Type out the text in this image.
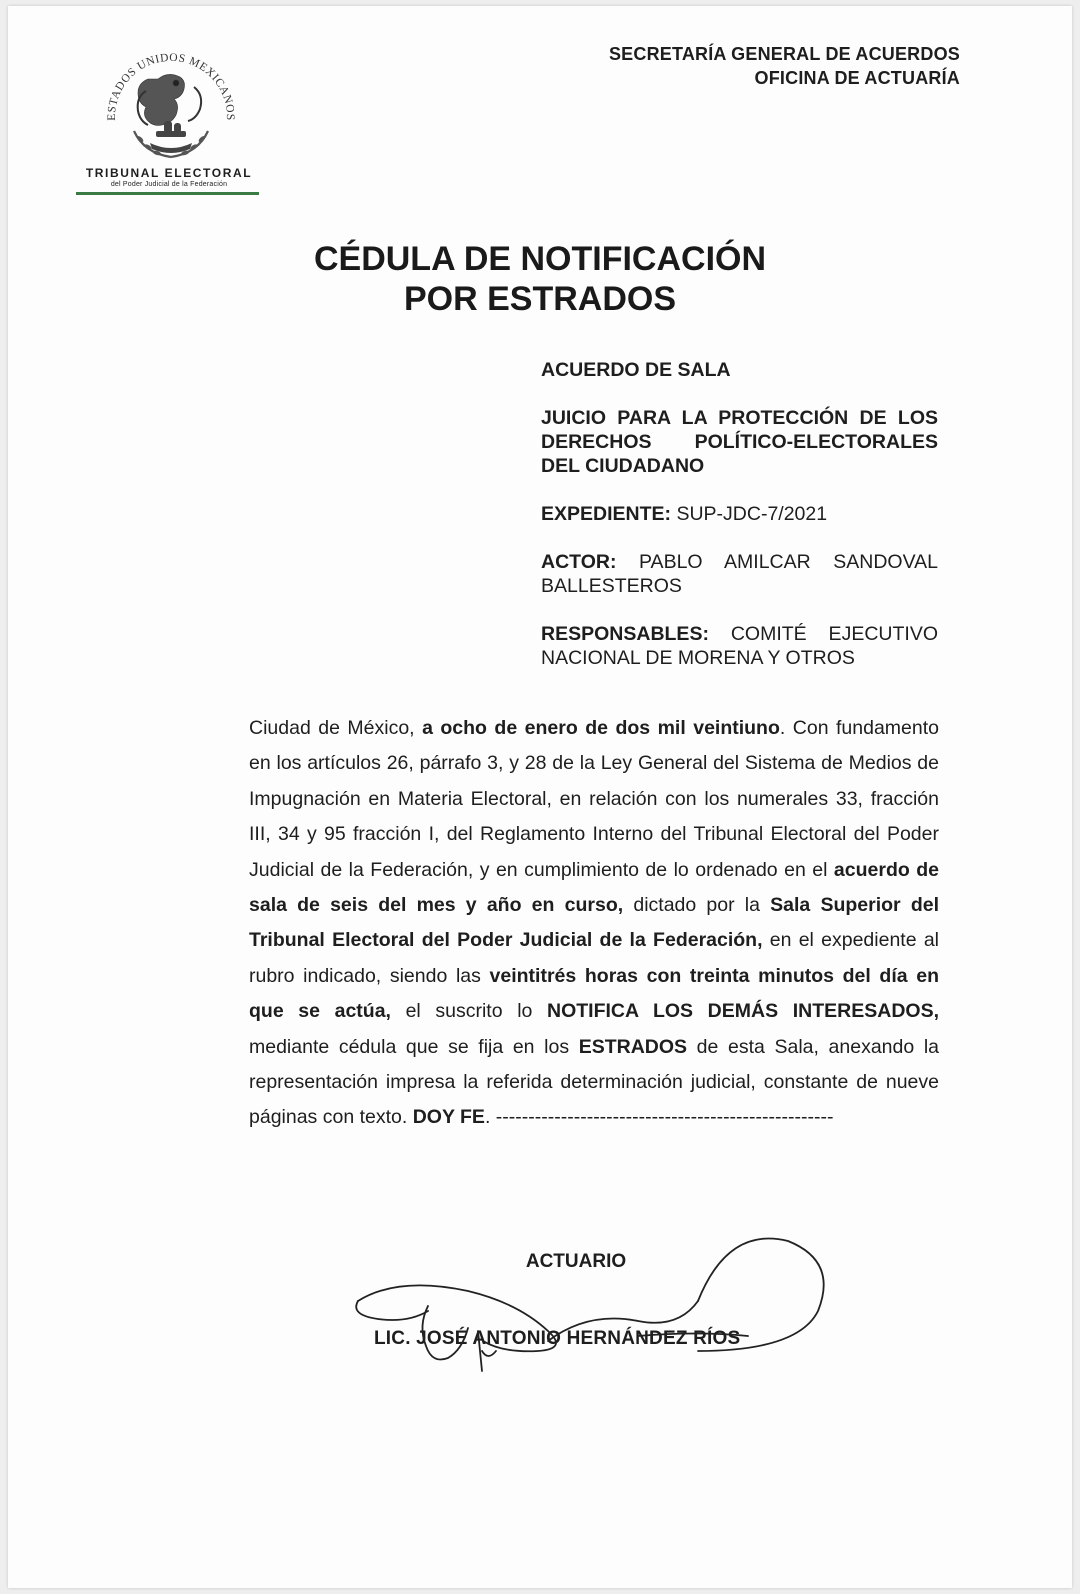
ESTADOS UNIDOS MEXICANOS
TRIBUNAL ELECTORAL
del Poder Judicial de la Federación
SECRETARÍA GENERAL DE ACUERDOS
OFICINA DE ACTUARÍA
CÉDULA DE NOTIFICACIÓN
POR ESTRADOS

ACUERDO DE SALA

JUICIO PARA LA PROTECCIÓN DE LOS DERECHOS POLÍTICO-ELECTORALES DEL CIUDADANO

EXPEDIENTE: SUP-JDC-7/2021

ACTOR: PABLO AMILCAR SANDOVAL BALLESTEROS

RESPONSABLES: COMITÉ EJECUTIVO NACIONAL DE MORENA Y OTROS

Ciudad de México, a ocho de enero de dos mil veintiuno. Con fundamento en los artículos 26, párrafo 3, y 28 de la Ley General del Sistema de Medios de Impugnación en Materia Electoral, en relación con los numerales 33, fracción III, 34 y 95 fracción I, del Reglamento Interno del Tribunal Electoral del Poder Judicial de la Federación, y en cumplimiento de lo ordenado en el acuerdo de sala de seis del mes y año en curso, dictado por la Sala Superior del Tribunal Electoral del Poder Judicial de la Federación, en el expediente al rubro indicado, siendo las veintitrés horas con treinta minutos del día en que se actúa, el suscrito lo NOTIFICA LOS DEMÁS INTERESADOS, mediante cédula que se fija en los ESTRADOS de esta Sala, anexando la representación impresa la referida determinación judicial, constante de nueve páginas con texto. DOY FE. ----------------------------------------------------

ACTUARIO
LIC. JOSÉ ANTONIO HERNÁNDEZ RÍOS
